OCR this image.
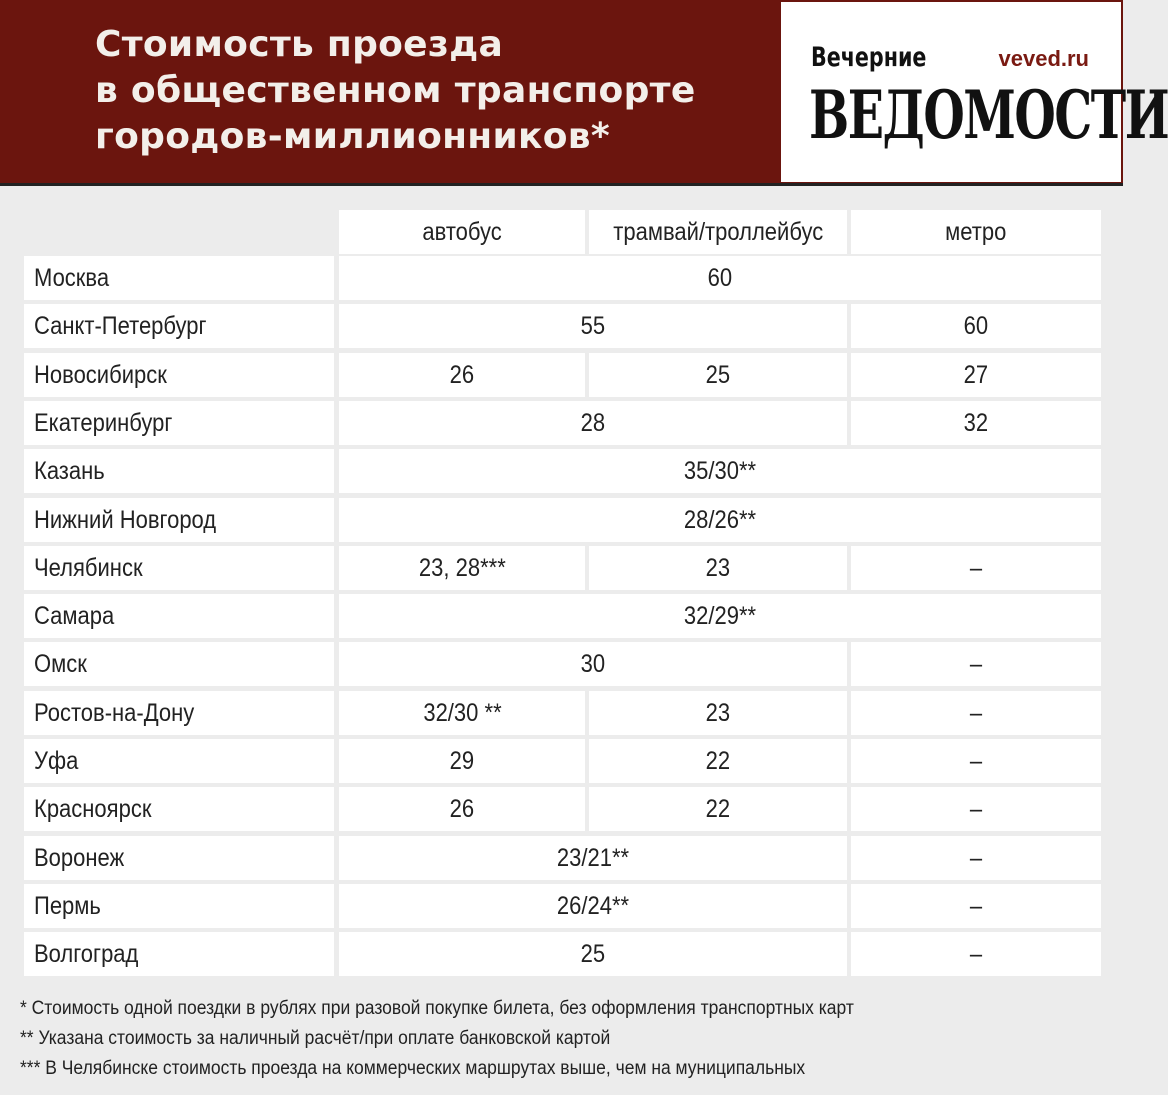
Стоимость проезда
в общественном транспорте
городов-миллионников*
Вечерние	veved.ru
ВЕДОМОСТИ
автобус	трамвай/троллейбус	метро
Москва	60
Санкт-Петербург	55	60
Новосибирск	26	25	27
Екатеринбург	28	32
Казань	35/30**
Нижний Новгород	28/26**
Челябинск	23, 28***	23	–
Самара	32/29**
Омск	30	–
Ростов-на-Дону	32/30 **	23	–
Уфа	29	22	–
Красноярск	26	22	–
Воронеж	23/21**	–
Пермь	26/24**	–
Волгоград	25	–
* Стоимость одной поездки в рублях при разовой покупке билета, без оформления транспортных карт
** Указана стоимость за наличный расчёт/при оплате банковской картой
*** В Челябинске стоимость проезда на коммерческих маршрутах выше, чем на муниципальных
